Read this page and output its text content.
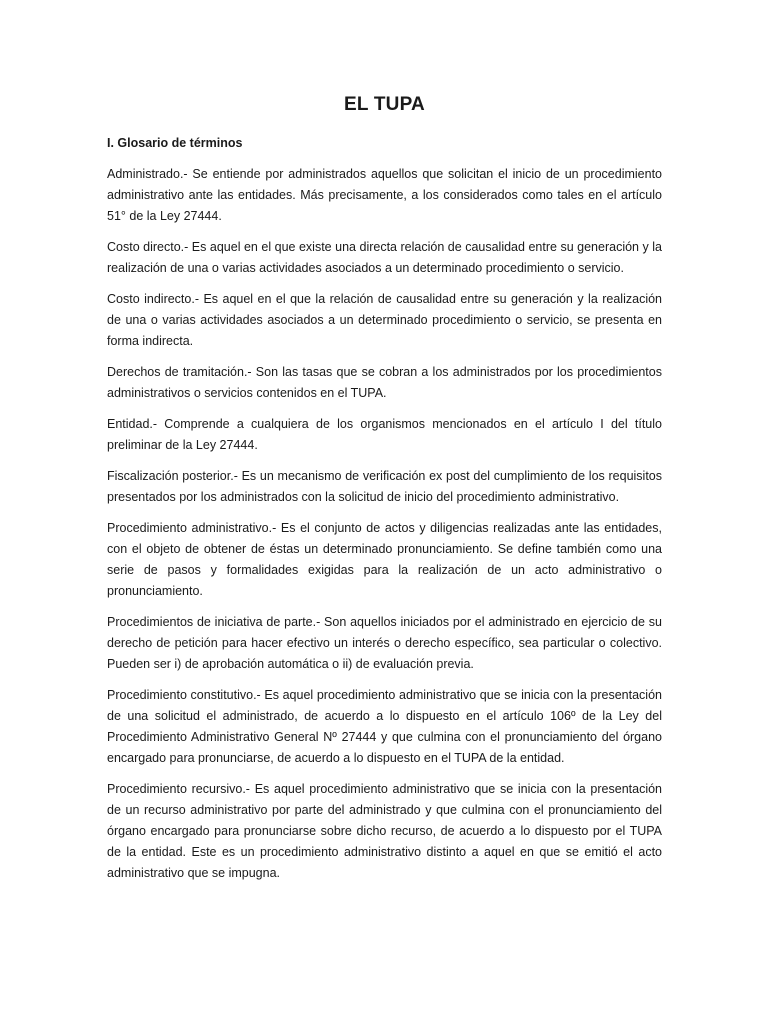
EL TUPA
I. Glosario de términos

Administrado.- Se entiende por administrados aquellos que solicitan el inicio de un procedimiento administrativo ante las entidades. Más precisamente, a los considerados como tales en el artículo 51° de la Ley 27444.

Costo directo.- Es aquel en el que existe una directa relación de causalidad entre su generación y la realización de una o varias actividades asociados a un determinado procedimiento o servicio.

Costo indirecto.- Es aquel en el que la relación de causalidad entre su generación y la realización de una o varias actividades asociados a un determinado procedimiento o servicio, se presenta en forma indirecta.

Derechos de tramitación.- Son las tasas que se cobran a los administrados por los procedimientos administrativos o servicios contenidos en el TUPA.

Entidad.- Comprende a cualquiera de los organismos mencionados en el artículo I del título preliminar de la Ley 27444.

Fiscalización posterior.- Es un mecanismo de verificación ex post del cumplimiento de los requisitos presentados por los administrados con la solicitud de inicio del procedimiento administrativo.

Procedimiento administrativo.- Es el conjunto de actos y diligencias realizadas ante las entidades, con el objeto de obtener de éstas un determinado pronunciamiento. Se define también como una serie de pasos y formalidades exigidas para la realización de un acto administrativo o pronunciamiento.

Procedimientos de iniciativa de parte.- Son aquellos iniciados por el administrado en ejercicio de su derecho de petición para hacer efectivo un interés o derecho específico, sea particular o colectivo. Pueden ser i) de aprobación automática o ii) de evaluación previa.

Procedimiento constitutivo.- Es aquel procedimiento administrativo que se inicia con la presentación de una solicitud el administrado, de acuerdo a lo dispuesto en el artículo 106º de la Ley del Procedimiento Administrativo General Nº 27444 y que culmina con el pronunciamiento del órgano encargado para pronunciarse, de acuerdo a lo dispuesto en el TUPA de la entidad.

Procedimiento recursivo.- Es aquel procedimiento administrativo que se inicia con la presentación de un recurso administrativo por parte del administrado y que culmina con el pronunciamiento del órgano encargado para pronunciarse sobre dicho recurso, de acuerdo a lo dispuesto por el TUPA de la entidad. Este es un procedimiento administrativo distinto a aquel en que se emitió el acto administrativo que se impugna.
